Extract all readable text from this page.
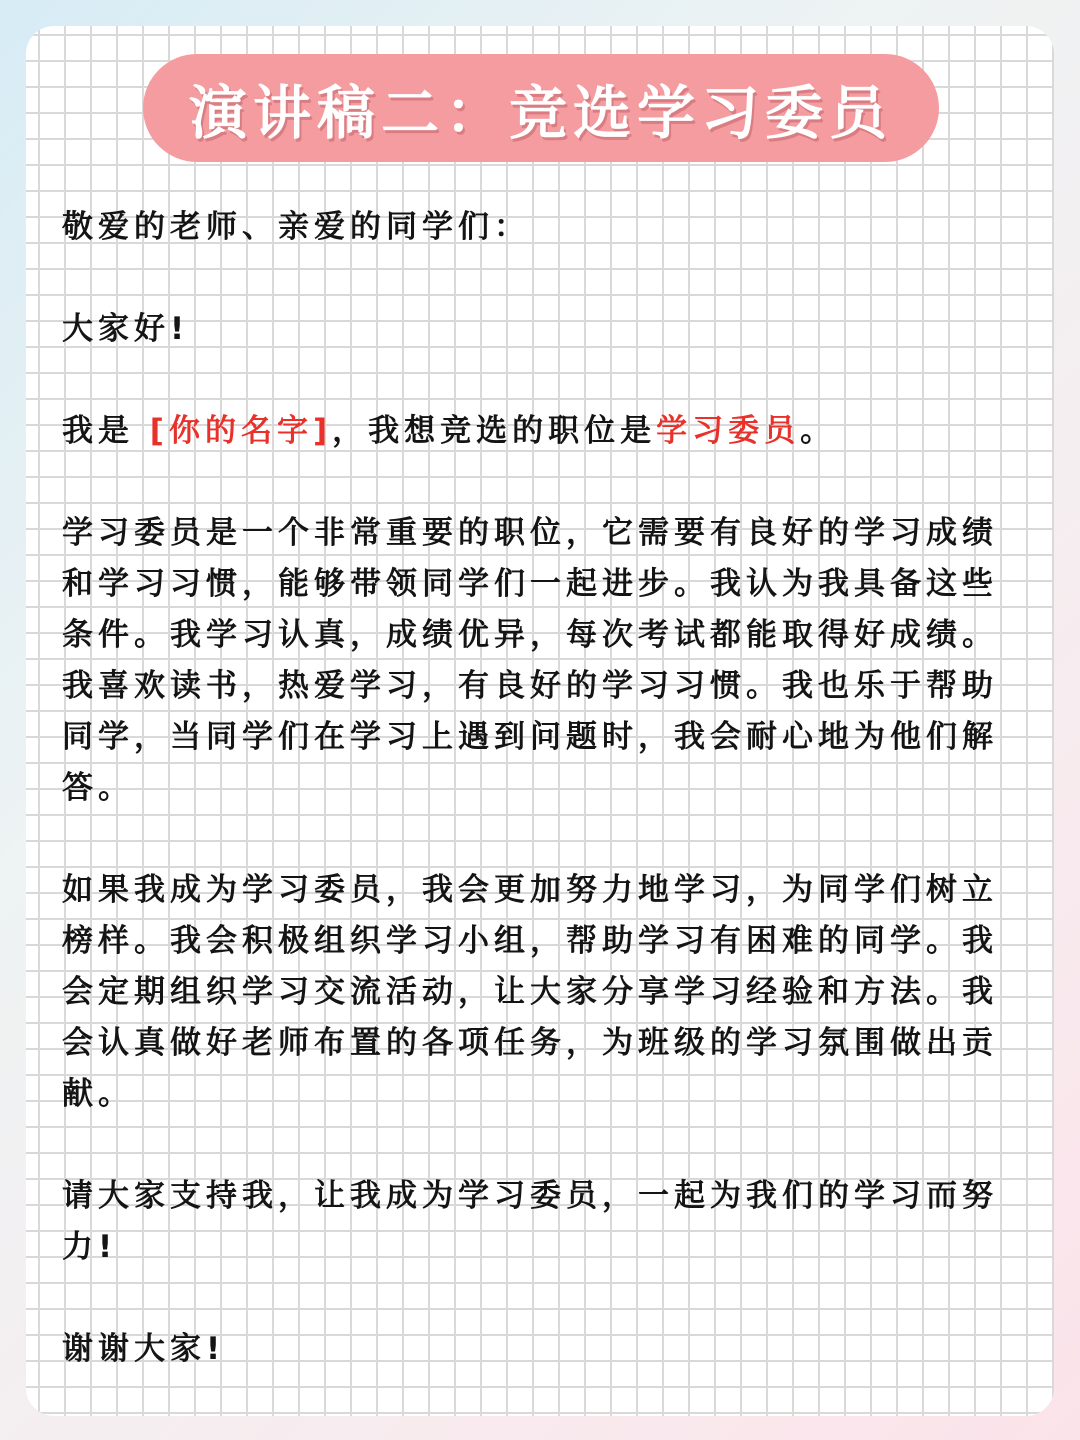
演讲稿二：竞选学习委员

敬爱的老师、亲爱的同学们：

大家好!

我是 [你的名字]，我想竞选的职位是学习委员。

学习委员是一个非常重要的职位，它需要有良好的学习成绩和学习习惯，能够带领同学们一起进步。我认为我具备这些条件。我学习认真，成绩优异，每次考试都能取得好成绩。我喜欢读书，热爱学习，有良好的学习习惯。我也乐于帮助同学，当同学们在学习上遇到问题时，我会耐心地为他们解答。

如果我成为学习委员，我会更加努力地学习，为同学们树立榜样。我会积极组织学习小组，帮助学习有困难的同学。我会定期组织学习交流活动，让大家分享学习经验和方法。我会认真做好老师布置的各项任务，为班级的学习氛围做出贡献。

请大家支持我，让我成为学习委员，一起为我们的学习而努力!

谢谢大家!
